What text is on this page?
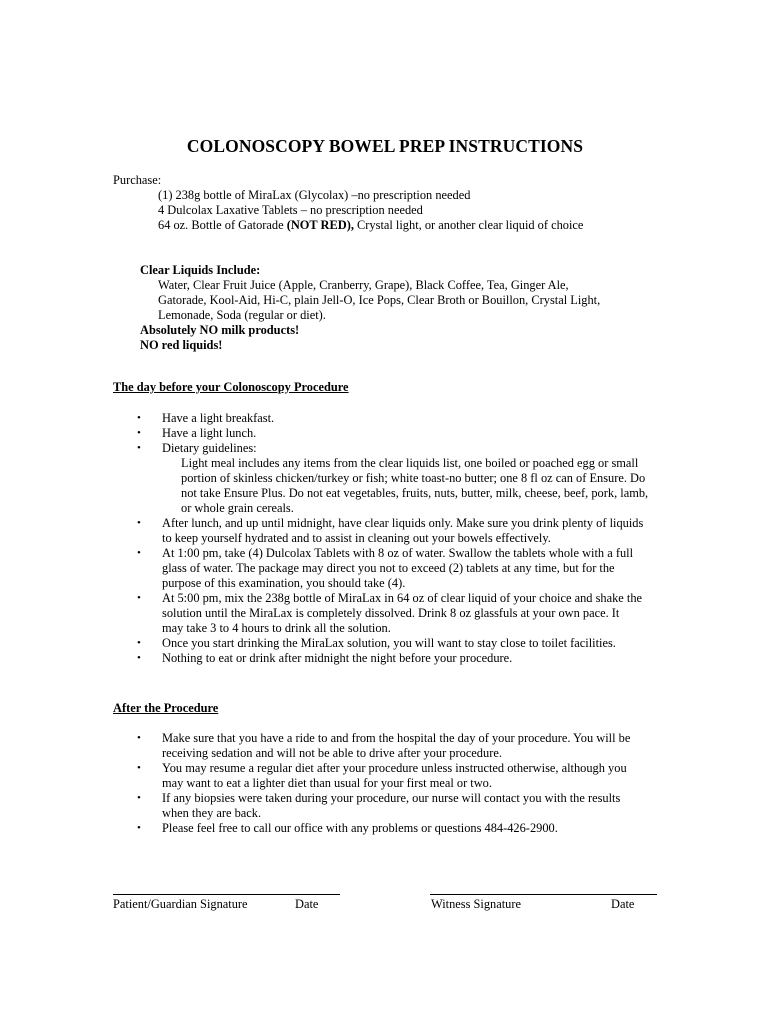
COLONOSCOPY BOWEL PREP INSTRUCTIONS
Purchase:
(1) 238g bottle of MiraLax (Glycolax) –no prescription needed
4 Dulcolax Laxative Tablets – no prescription needed
64 oz. Bottle of Gatorade (NOT RED), Crystal light, or another clear liquid of choice
Clear Liquids Include:
Water, Clear Fruit Juice (Apple, Cranberry, Grape), Black Coffee, Tea, Ginger Ale,
Gatorade, Kool-Aid, Hi-C, plain Jell-O, Ice Pops, Clear Broth or Bouillon, Crystal Light,
Lemonade, Soda (regular or diet).
Absolutely NO milk products!
NO red liquids!
The day before your Colonoscopy Procedure
•	Have a light breakfast.
•	Have a light lunch.
•	Dietary guidelines:
Light meal includes any items from the clear liquids list, one boiled or poached egg or small
portion of skinless chicken/turkey or fish; white toast-no butter; one 8 fl oz can of Ensure. Do
not take Ensure Plus. Do not eat vegetables, fruits, nuts, butter, milk, cheese, beef, pork, lamb,
or whole grain cereals.
•	After lunch, and up until midnight, have clear liquids only. Make sure you drink plenty of liquids
to keep yourself hydrated and to assist in cleaning out your bowels effectively.
•	At 1:00 pm, take (4) Dulcolax Tablets with 8 oz of water. Swallow the tablets whole with a full
glass of water. The package may direct you not to exceed (2) tablets at any time, but for the
purpose of this examination, you should take (4).
•	At 5:00 pm, mix the 238g bottle of MiraLax in 64 oz of clear liquid of your choice and shake the
solution until the MiraLax is completely dissolved. Drink 8 oz glassfuls at your own pace. It
may take 3 to 4 hours to drink all the solution.
•	Once you start drinking the MiraLax solution, you will want to stay close to toilet facilities.
•	Nothing to eat or drink after midnight the night before your procedure.
After the Procedure
•	Make sure that you have a ride to and from the hospital the day of your procedure. You will be
receiving sedation and will not be able to drive after your procedure.
•	You may resume a regular diet after your procedure unless instructed otherwise, although you
may want to eat a lighter diet than usual for your first meal or two.
•	If any biopsies were taken during your procedure, our nurse will contact you with the results
when they are back.
•	Please feel free to call our office with any problems or questions 484-426-2900.
Patient/Guardian Signature	Date	Witness Signature	Date
